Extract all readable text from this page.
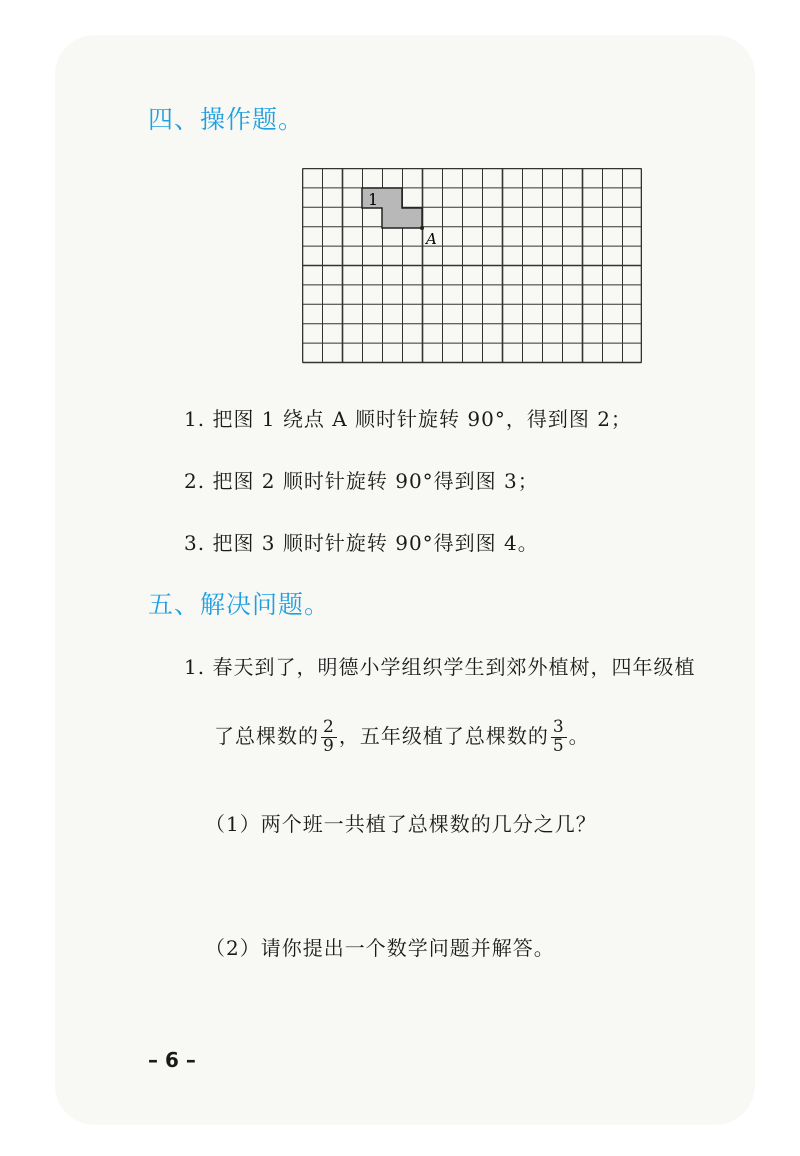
四、操作题。
1
A
1. 把图 1 绕点 A 顺时针旋转 90°，得到图 2；
2. 把图 2 顺时针旋转 90°得到图 3；
3. 把图 3 顺时针旋转 90°得到图 4。
五、解决问题。
1. 春天到了，明德小学组织学生到郊外植树，四年级植
了总棵数的 $\frac{2}{9}$ ，五年级植了总棵数的 $\frac{3}{5}$ 。
（1）两个班一共植了总棵数的几分之几？
（2）请你提出一个数学问题并解答。
– 6 –
